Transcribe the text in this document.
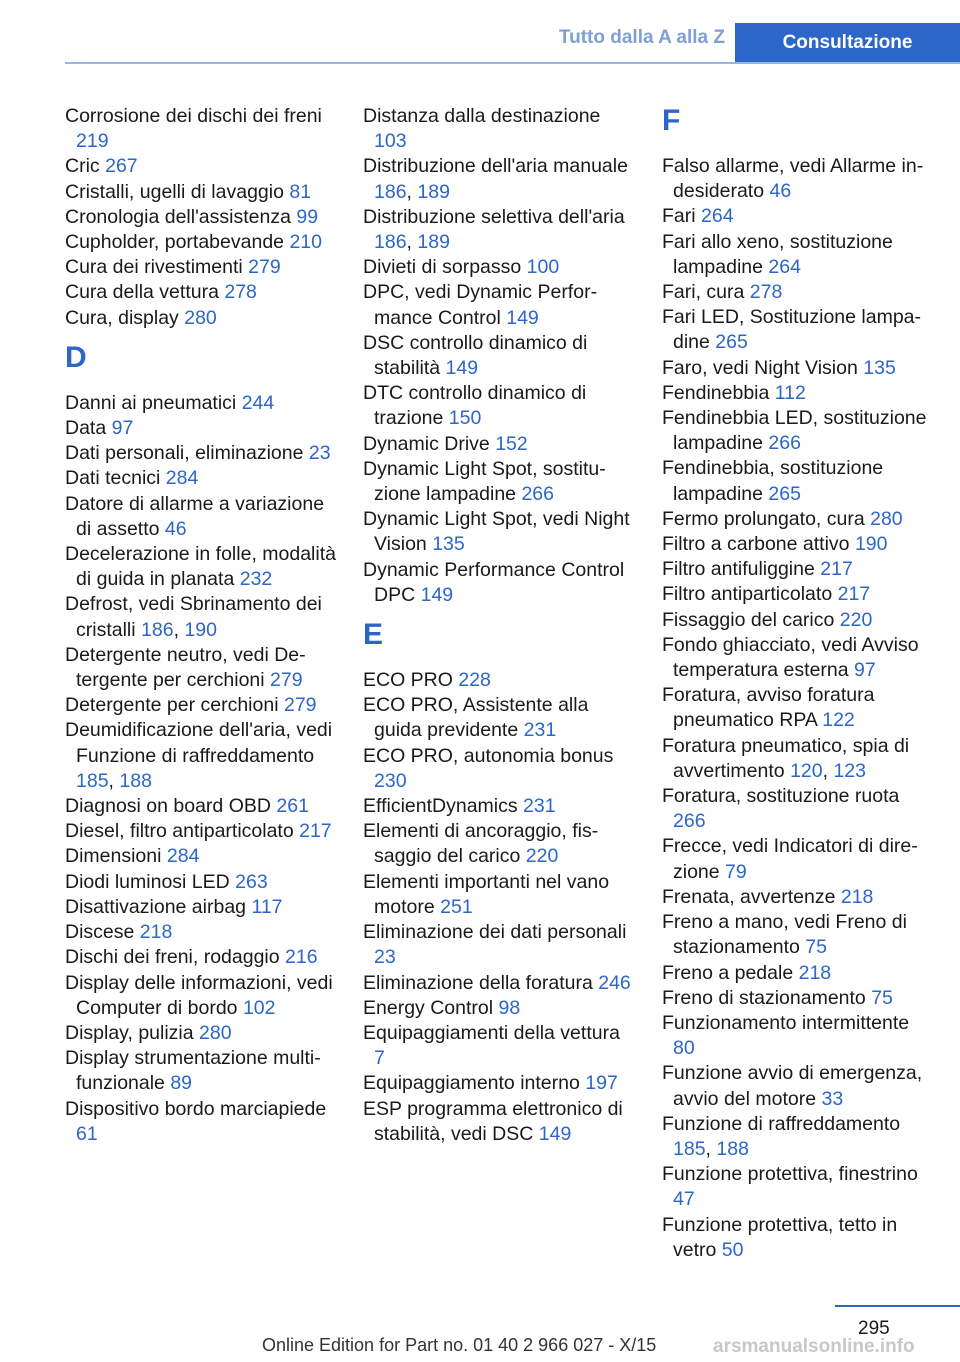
Tutto dalla A alla Z	Consultazione
Corrosione dei dischi dei freni 219
Cric 267
Cristalli, ugelli di lavaggio 81
Cronologia dell'assistenza 99
Cupholder, portabevande 210
Cura dei rivestimenti 279
Cura della vettura 278
Cura, display 280
D
Danni ai pneumatici 244
Data 97
Dati personali, eliminazione 23
Dati tecnici 284
Datore di allarme a variazione di assetto 46
Decelerazione in folle, modalità di guida in planata 232
Defrost, vedi Sbrinamento dei cristalli 186, 190
Detergente neutro, vedi Detergente per cerchioni 279
Detergente per cerchioni 279
Deumidificazione dell'aria, vedi Funzione di raffreddamento 185, 188
Diagnosi on board OBD 261
Diesel, filtro antiparticolato 217
Dimensioni 284
Diodi luminosi LED 263
Disattivazione airbag 117
Discese 218
Dischi dei freni, rodaggio 216
Display delle informazioni, vedi Computer di bordo 102
Display, pulizia 280
Display strumentazione multifunzionale 89
Dispositivo bordo marciapiede 61
Distanza dalla destinazione 103
Distribuzione dell'aria manuale 186, 189
Distribuzione selettiva dell'aria 186, 189
Divieti di sorpasso 100
DPC, vedi Dynamic Performance Control 149
DSC controllo dinamico di stabilità 149
DTC controllo dinamico di trazione 150
Dynamic Drive 152
Dynamic Light Spot, sostituzione lampadine 266
Dynamic Light Spot, vedi Night Vision 135
Dynamic Performance Control DPC 149
E
ECO PRO 228
ECO PRO, Assistente alla guida previdente 231
ECO PRO, autonomia bonus 230
EfficientDynamics 231
Elementi di ancoraggio, fissaggio del carico 220
Elementi importanti nel vano motore 251
Eliminazione dei dati personali 23
Eliminazione della foratura 246
Energy Control 98
Equipaggiamenti della vettura 7
Equipaggiamento interno 197
ESP programma elettronico di stabilità, vedi DSC 149
F
Falso allarme, vedi Allarme indesiderato 46
Fari 264
Fari allo xeno, sostituzione lampadine 264
Fari, cura 278
Fari LED, Sostituzione lampadine 265
Faro, vedi Night Vision 135
Fendinebbia 112
Fendinebbia LED, sostituzione lampadine 266
Fendinebbia, sostituzione lampadine 265
Fermo prolungato, cura 280
Filtro a carbone attivo 190
Filtro antifuliggine 217
Filtro antiparticolato 217
Fissaggio del carico 220
Fondo ghiacciato, vedi Avviso temperatura esterna 97
Foratura, avviso foratura pneumatico RPA 122
Foratura pneumatico, spia di avvertimento 120, 123
Foratura, sostituzione ruota 266
Frecce, vedi Indicatori di direzione 79
Frenata, avvertenze 218
Freno a mano, vedi Freno di stazionamento 75
Freno a pedale 218
Freno di stazionamento 75
Funzionamento intermittente 80
Funzione avvio di emergenza, avvio del motore 33
Funzione di raffreddamento 185, 188
Funzione protettiva, finestrino 47
Funzione protettiva, tetto in vetro 50
295
Online Edition for Part no. 01 40 2 966 027 - X/15	arsmanualsonline.info
